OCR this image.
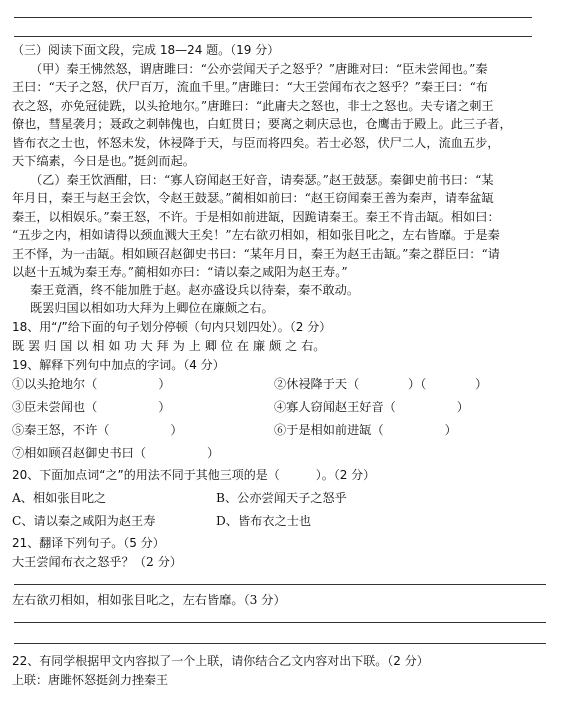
（三）阅读下面文段，完成 18—24 题。（19 分）
（甲）秦王怫然怒，谓唐雎曰：“公亦尝闻天子之怒乎？”唐雎对曰：“臣未尝闻也。”秦
王曰：“天子之怒，伏尸百万，流血千里。”唐雎曰：“大王尝闻布衣之怒乎？”秦王曰：“布
衣之怒，亦免冠徒跣，以头抢地尔。”唐雎曰：“此庸夫之怒也，非士之怒也。夫专诸之刺王
僚也，彗星袭月；聂政之刺韩傀也，白虹贯日；要离之刺庆忌也，仓鹰击于殿上。此三子者，
皆布衣之士也，怀怒未发，休祲降于天，与臣而将四矣。若士必怒，伏尸二人，流血五步，
天下缟素，今日是也。”挺剑而起。
（乙）秦王饮酒酣，曰：“寡人窃闻赵王好音，请奏瑟。”赵王鼓瑟。秦御史前书曰：“某
年月日，秦王与赵王会饮，令赵王鼓瑟。”蔺相如前曰：“赵王窃闻秦王善为秦声，请奉盆缻
秦王，以相娱乐。”秦王怒，不许。于是相如前进缻，因跪请秦王。秦王不肯击缻。相如曰：
“五步之内，相如请得以颈血溅大王矣！”左右欲刃相如，相如张目叱之，左右皆靡。于是秦
王不怿，为一击缻。相如顾召赵御史书曰：“某年月日，秦王为赵王击缻。”秦之群臣曰：“请
以赵十五城为秦王寿。”蔺相如亦曰：“请以秦之咸阳为赵王寿。”
秦王竟酒，终不能加胜于赵。赵亦盛设兵以待秦，秦不敢动。
既罢归国以相如功大拜为上卿位在廉颇之右。
18、用“/”给下面的句子划分停顿（句内只划四处）。（2 分）
既 罢 归 国 以 相 如 功 大 拜 为 上 卿 位 在 廉 颇 之 右。
19、解释下列句中加点的字词。（4 分）
①以头抢地尔（　　　　　）	②休祲降于天（　　　　）（　　　　）
③臣未尝闻也（　　　　　）	④寡人窃闻赵王好音（　　　　　）
⑤秦王怒，不许（　　　　　）	⑥于是相如前进缻（　　　　　）
⑦相如顾召赵御史书曰（　　　　　）
20、下面加点词“之”的用法不同于其他三项的是（　　　）。（2 分）
A、相如张目叱之	B、公亦尝闻天子之怒乎
C、请以秦之咸阳为赵王寿	D、皆布衣之士也
21、翻译下列句子。（5 分）
大王尝闻布衣之怒乎？（2 分）
左右欲刃相如，相如张目叱之，左右皆靡。（3 分）
22、有同学根据甲文内容拟了一个上联，请你结合乙文内容对出下联。（2 分）
上联：唐雎怀怒挺剑力挫秦王
